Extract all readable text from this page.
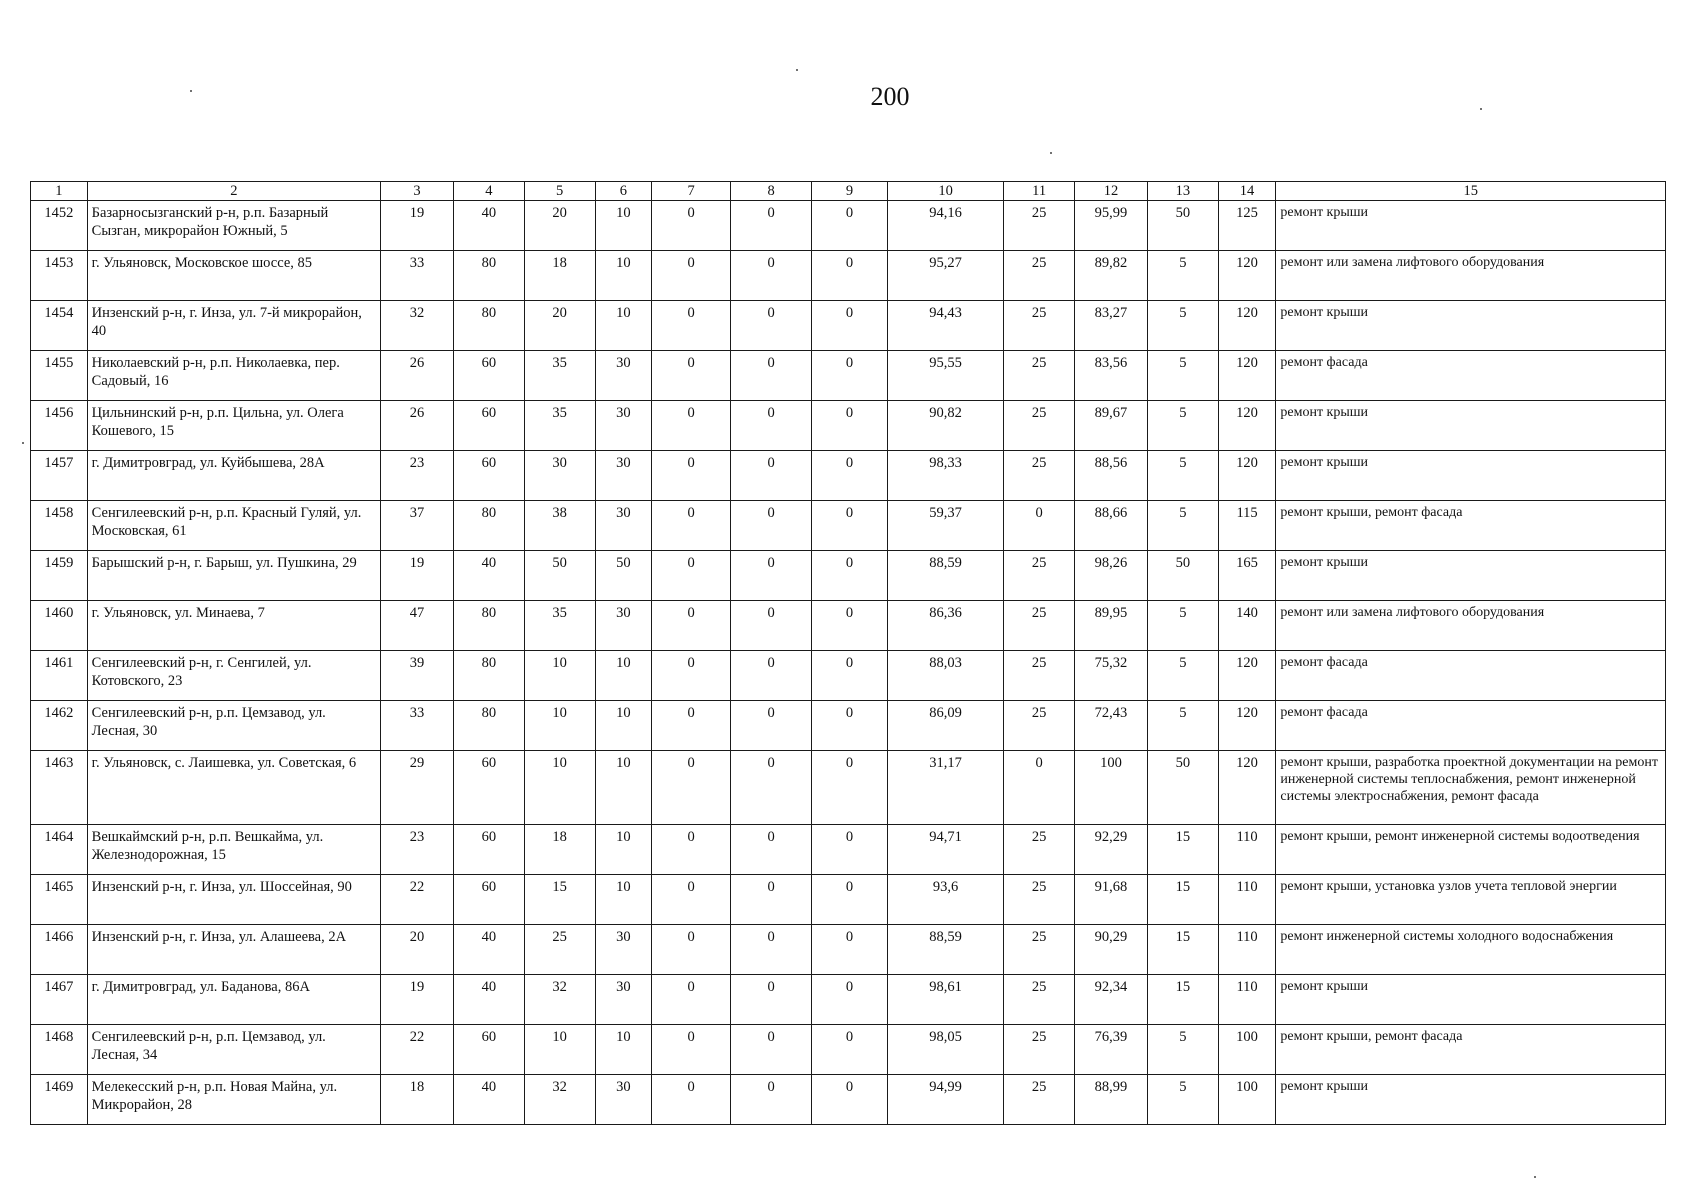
200
1	2	3	4	5	6	7	8	9	10	11	12	13	14	15
1452	Базарносызганский р-н, р.п. Базарный Сызган, микрорайон Южный, 5	19	40	20	10	0	0	0	94,16	25	95,99	50	125	ремонт крыши
1453	г. Ульяновск, Московское шоссе, 85	33	80	18	10	0	0	0	95,27	25	89,82	5	120	ремонт или замена лифтового оборудования
1454	Инзенский р-н, г. Инза, ул. 7-й микрорайон, 40	32	80	20	10	0	0	0	94,43	25	83,27	5	120	ремонт крыши
1455	Николаевский р-н, р.п. Николаевка, пер. Садовый, 16	26	60	35	30	0	0	0	95,55	25	83,56	5	120	ремонт фасада
1456	Цильнинский р-н, р.п. Цильна, ул. Олега Кошевого, 15	26	60	35	30	0	0	0	90,82	25	89,67	5	120	ремонт крыши
1457	г. Димитровград, ул. Куйбышева, 28А	23	60	30	30	0	0	0	98,33	25	88,56	5	120	ремонт крыши
1458	Сенгилеевский р-н, р.п. Красный Гуляй, ул. Московская, 61	37	80	38	30	0	0	0	59,37	0	88,66	5	115	ремонт крыши, ремонт фасада
1459	Барышский р-н, г. Барыш, ул. Пушкина, 29	19	40	50	50	0	0	0	88,59	25	98,26	50	165	ремонт крыши
1460	г. Ульяновск, ул. Минаева, 7	47	80	35	30	0	0	0	86,36	25	89,95	5	140	ремонт или замена лифтового оборудования
1461	Сенгилеевский р-н, г. Сенгилей, ул. Котовского, 23	39	80	10	10	0	0	0	88,03	25	75,32	5	120	ремонт фасада
1462	Сенгилеевский р-н, р.п. Цемзавод, ул. Лесная, 30	33	80	10	10	0	0	0	86,09	25	72,43	5	120	ремонт фасада
1463	г. Ульяновск, с. Лаишевка, ул. Советская, 6	29	60	10	10	0	0	0	31,17	0	100	50	120	ремонт крыши, разработка проектной документации на ремонт инженерной системы теплоснабжения, ремонт инженерной системы электроснабжения, ремонт фасада
1464	Вешкаймский р-н, р.п. Вешкайма, ул. Железнодорожная, 15	23	60	18	10	0	0	0	94,71	25	92,29	15	110	ремонт крыши, ремонт инженерной системы водоотведения
1465	Инзенский р-н, г. Инза, ул. Шоссейная, 90	22	60	15	10	0	0	0	93,6	25	91,68	15	110	ремонт крыши, установка узлов учета тепловой энергии
1466	Инзенский р-н, г. Инза, ул. Алашеева, 2А	20	40	25	30	0	0	0	88,59	25	90,29	15	110	ремонт инженерной системы холодного водоснабжения
1467	г. Димитровград, ул. Баданова, 86А	19	40	32	30	0	0	0	98,61	25	92,34	15	110	ремонт крыши
1468	Сенгилеевский р-н, р.п. Цемзавод, ул. Лесная, 34	22	60	10	10	0	0	0	98,05	25	76,39	5	100	ремонт крыши, ремонт фасада
1469	Мелекесский р-н, р.п. Новая Майна, ул. Микрорайон, 28	18	40	32	30	0	0	0	94,99	25	88,99	5	100	ремонт крыши
